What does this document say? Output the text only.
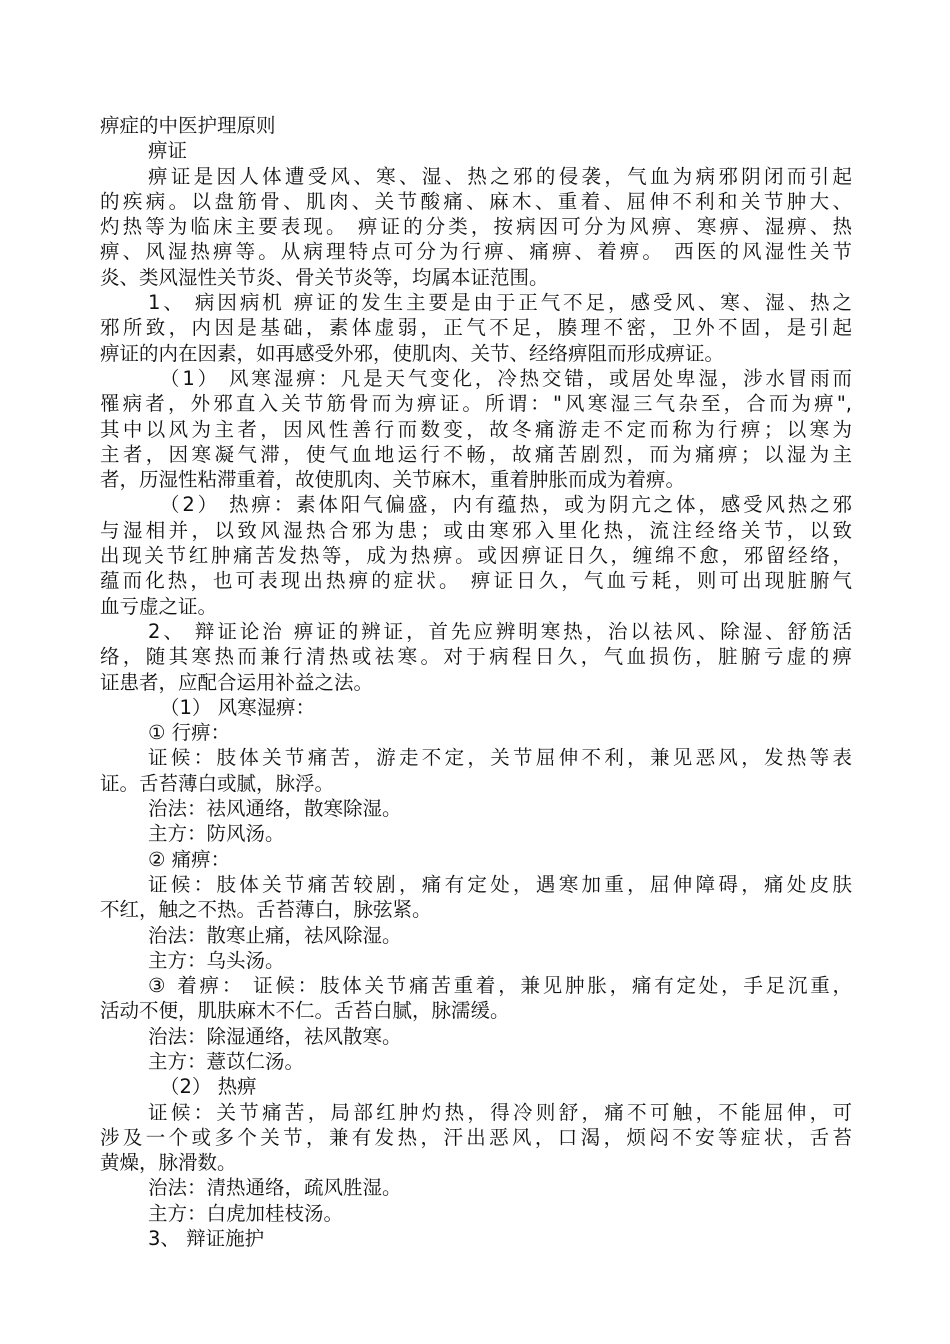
痹症的中医护理原则
痹证
痹证是因人体遭受风、寒、湿、热之邪的侵袭，气血为病邪阴闭而引起
的疾病。以盘筋骨、肌肉、关节酸痛、麻木、重着、屈伸不利和关节肿大、
灼热等为临床主要表现。 痹证的分类，按病因可分为风痹、寒痹、湿痹、热
痹、风湿热痹等。从病理特点可分为行痹、痛痹、着痹。 西医的风湿性关节
炎、类风湿性关节炎、骨关节炎等，均属本证范围。
1、 病因病机 痹证的发生主要是由于正气不足，感受风、寒、湿、热之
邪所致，内因是基础，素体虚弱，正气不足，腠理不密，卫外不固，是引起
痹证的内在因素，如再感受外邪，使肌肉、关节、经络痹阻而形成痹证。
（1） 风寒湿痹：凡是天气变化，冷热交错，或居处卑湿，涉水冒雨而
罹病者，外邪直入关节筋骨而为痹证。所谓："风寒湿三气杂至，合而为痹",
其中以风为主者，因风性善行而数变，故冬痛游走不定而称为行痹；以寒为
主者，因寒凝气滞，使气血地运行不畅，故痛苦剧烈，而为痛痹；以湿为主
者，历湿性粘滞重着，故使肌肉、关节麻木，重着肿胀而成为着痹。
（2） 热痹：素体阳气偏盛，内有蕴热，或为阴亢之体，感受风热之邪
与湿相并，以致风湿热合邪为患；或由寒邪入里化热，流注经络关节，以致
出现关节红肿痛苦发热等，成为热痹。或因痹证日久，缠绵不愈，邪留经络，
蕴而化热，也可表现出热痹的症状。 痹证日久，气血亏耗，则可出现脏腑气
血亏虚之证。
2、 辩证论治 痹证的辨证，首先应辨明寒热，治以祛风、除湿、舒筋活
络，随其寒热而兼行清热或祛寒。对于病程日久，气血损伤，脏腑亏虚的痹
证患者，应配合运用补益之法。
（1） 风寒湿痹：
① 行痹：
证候：肢体关节痛苦，游走不定，关节屈伸不利，兼见恶风，发热等表
证。舌苔薄白或腻，脉浮。
治法：祛风通络，散寒除湿。
主方：防风汤。
② 痛痹：
证候：肢体关节痛苦较剧，痛有定处，遇寒加重，屈伸障碍，痛处皮肤
不红，触之不热。舌苔薄白，脉弦紧。
治法：散寒止痛，祛风除湿。
主方：乌头汤。
③ 着痹： 证候：肢体关节痛苦重着，兼见肿胀，痛有定处，手足沉重，
活动不便，肌肤麻木不仁。舌苔白腻，脉濡缓。
治法：除湿通络，祛风散寒。
主方：薏苡仁汤。
（2） 热痹
证候：关节痛苦，局部红肿灼热，得冷则舒，痛不可触，不能屈伸，可
涉及一个或多个关节，兼有发热，汗出恶风，口渴，烦闷不安等症状，舌苔
黄燥，脉滑数。
治法：清热通络，疏风胜湿。
主方：白虎加桂枝汤。
3、 辩证施护
